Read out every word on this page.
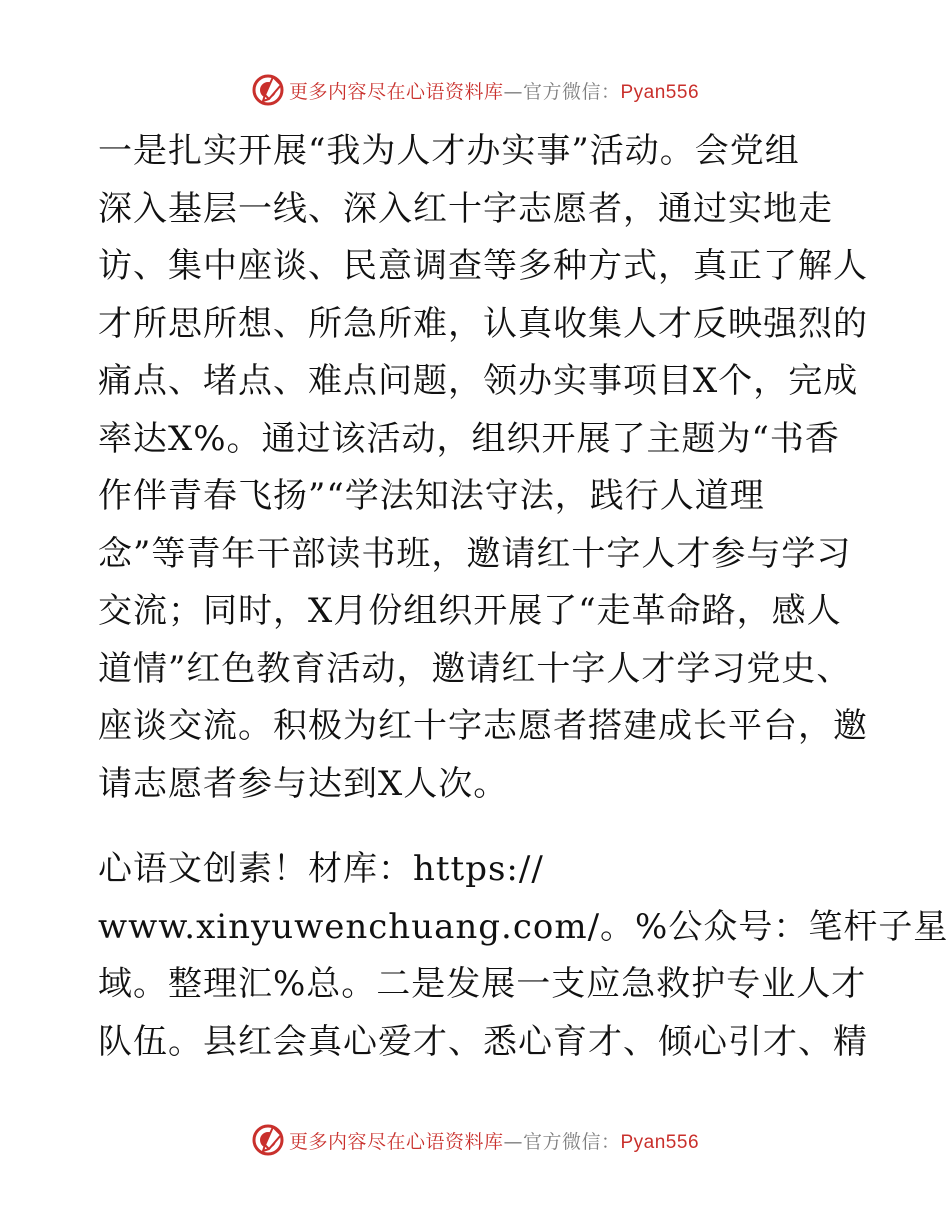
更多内容尽在心语资料库—官方微信：Pyan556
一是扎实开展“我为人才办实事”活动。会党组
深入基层一线、深入红十字志愿者，通过实地走
访、集中座谈、民意调查等多种方式，真正了解人
才所思所想、所急所难，认真收集人才反映强烈的
痛点、堵点、难点问题，领办实事项目X个，完成
率达X%。通过该活动，组织开展了主题为“书香
作伴青春飞扬”“学法知法守法，践行人道理
念”等青年干部读书班，邀请红十字人才参与学习
交流；同时，X月份组织开展了“走革命路，感人
道情”红色教育活动，邀请红十字人才学习党史、
座谈交流。积极为红十字志愿者搭建成长平台，邀
请志愿者参与达到X人次。
心语文创素！材库：https://
www.xinyuwenchuang.com/。%公众号：笔杆子星
域。整理汇%总。二是发展一支应急救护专业人才
队伍。县红会真心爱才、悉心育才、倾心引才、精
更多内容尽在心语资料库—官方微信：Pyan556
